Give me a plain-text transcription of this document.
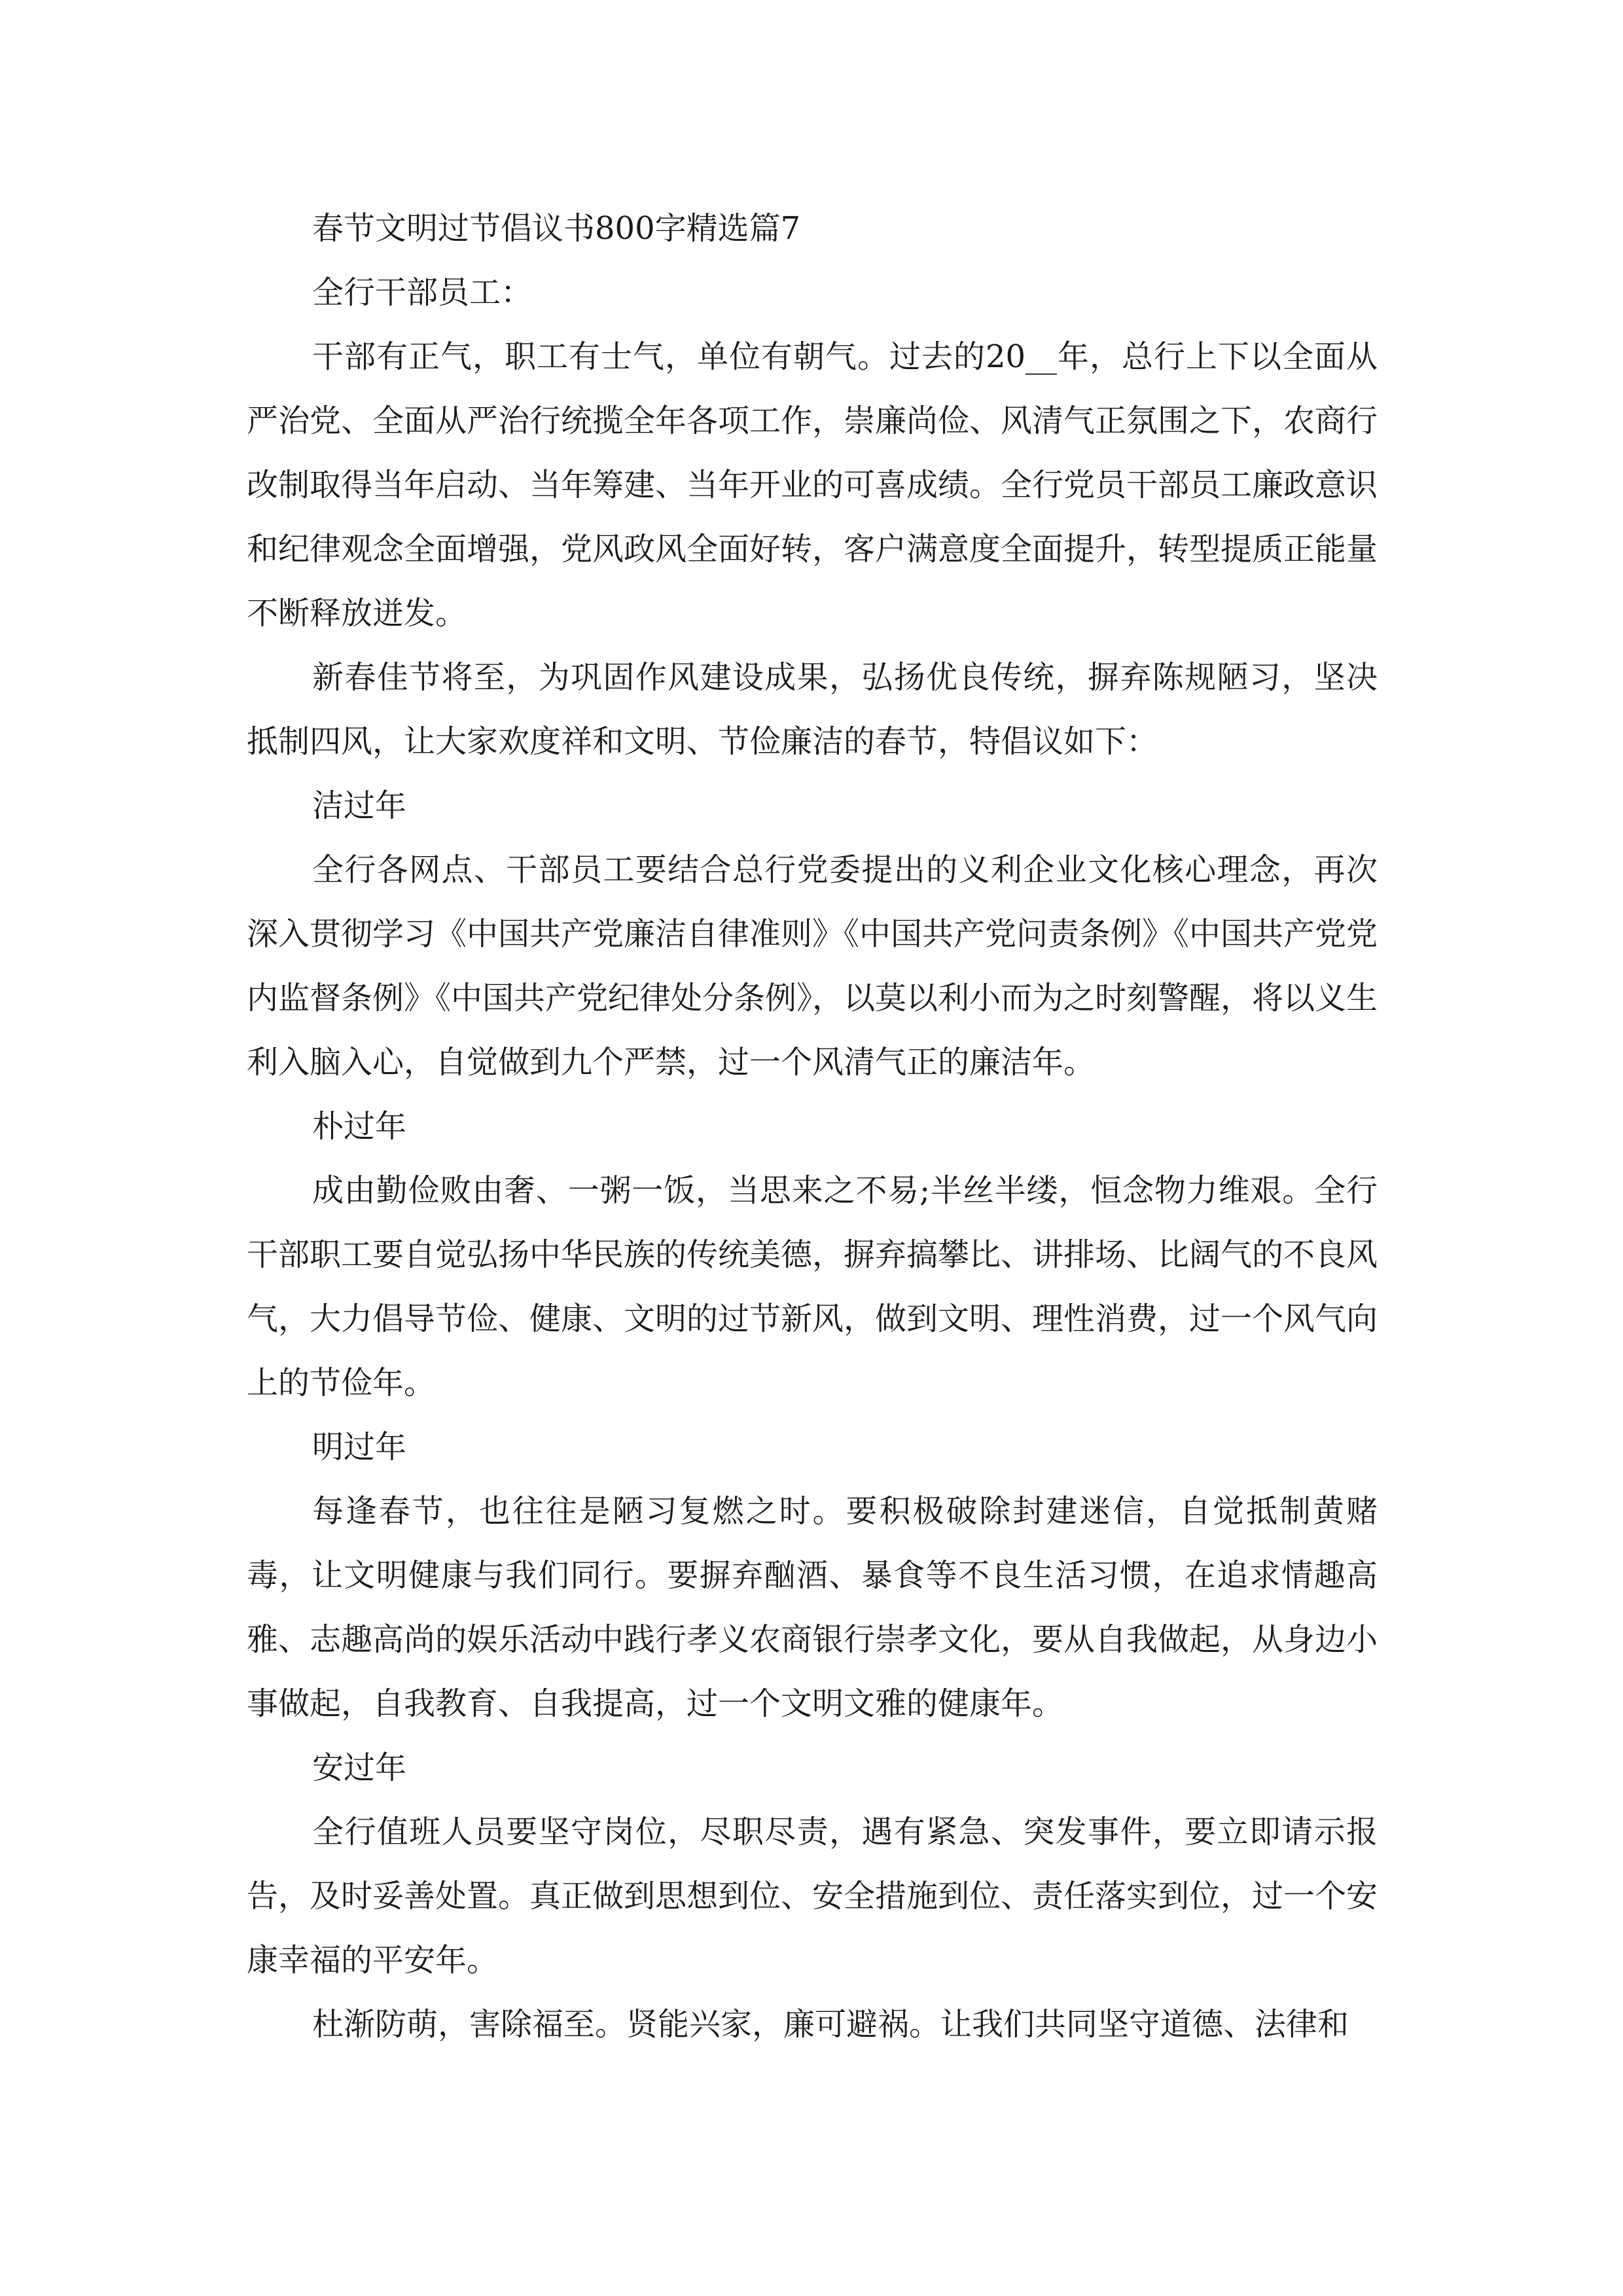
春节文明过节倡议书800字精选篇7

全行干部员工：

干部有正气，职工有士气，单位有朝气。过去的20__年，总行上下以全面从严治党、全面从严治行统揽全年各项工作，崇廉尚俭、风清气正氛围之下，农商行改制取得当年启动、当年筹建、当年开业的可喜成绩。全行党员干部员工廉政意识和纪律观念全面增强，党风政风全面好转，客户满意度全面提升，转型提质正能量不断释放迸发。

新春佳节将至，为巩固作风建设成果，弘扬优良传统，摒弃陈规陋习，坚决抵制四风，让大家欢度祥和文明、节俭廉洁的春节，特倡议如下：

洁过年

全行各网点、干部员工要结合总行党委提出的义利企业文化核心理念，再次深入贯彻学习《中国共产党廉洁自律准则》《中国共产党问责条例》《中国共产党党内监督条例》《中国共产党纪律处分条例》，以莫以利小而为之时刻警醒，将以义生利入脑入心，自觉做到九个严禁，过一个风清气正的廉洁年。

朴过年

成由勤俭败由奢、一粥一饭，当思来之不易;半丝半缕，恒念物力维艰。全行干部职工要自觉弘扬中华民族的传统美德，摒弃搞攀比、讲排场、比阔气的不良风气，大力倡导节俭、健康、文明的过节新风，做到文明、理性消费，过一个风气向上的节俭年。

明过年

每逢春节，也往往是陋习复燃之时。要积极破除封建迷信，自觉抵制黄赌毒，让文明健康与我们同行。要摒弃酗酒、暴食等不良生活习惯，在追求情趣高雅、志趣高尚的娱乐活动中践行孝义农商银行崇孝文化，要从自我做起，从身边小事做起，自我教育、自我提高，过一个文明文雅的健康年。

安过年

全行值班人员要坚守岗位，尽职尽责，遇有紧急、突发事件，要立即请示报告，及时妥善处置。真正做到思想到位、安全措施到位、责任落实到位，过一个安康幸福的平安年。

杜渐防萌，害除福至。贤能兴家，廉可避祸。让我们共同坚守道德、法律和
